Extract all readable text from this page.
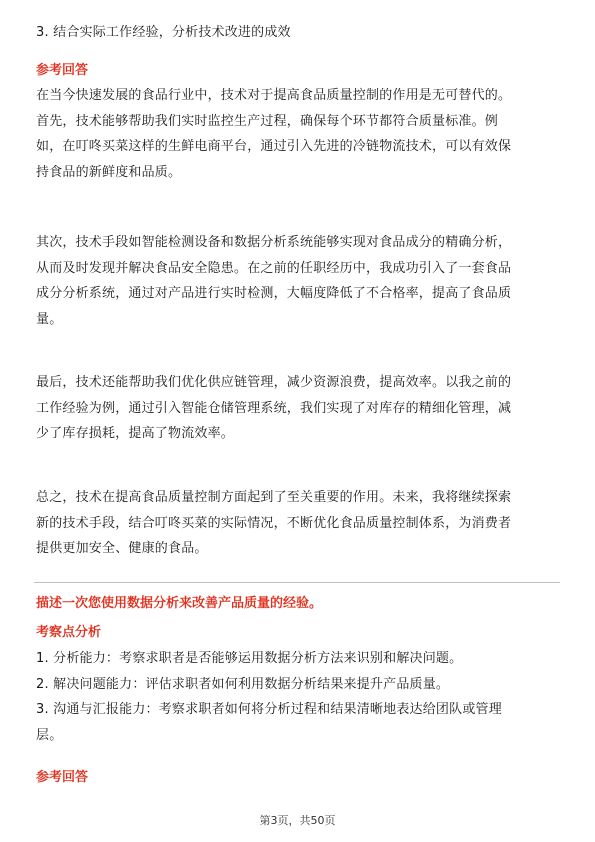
3. 结合实际工作经验，分析技术改进的成效
参考回答
在当今快速发展的食品行业中，技术对于提高食品质量控制的作用是无可替代的。
首先，技术能够帮助我们实时监控生产过程，确保每个环节都符合质量标准。例
如，在叮咚买菜这样的生鲜电商平台，通过引入先进的冷链物流技术，可以有效保
持食品的新鲜度和品质。
其次，技术手段如智能检测设备和数据分析系统能够实现对食品成分的精确分析，
从而及时发现并解决食品安全隐患。在之前的任职经历中，我成功引入了一套食品
成分分析系统，通过对产品进行实时检测，大幅度降低了不合格率，提高了食品质
量。
最后，技术还能帮助我们优化供应链管理，减少资源浪费，提高效率。以我之前的
工作经验为例，通过引入智能仓储管理系统，我们实现了对库存的精细化管理，减
少了库存损耗，提高了物流效率。
总之，技术在提高食品质量控制方面起到了至关重要的作用。未来，我将继续探索
新的技术手段，结合叮咚买菜的实际情况，不断优化食品质量控制体系，为消费者
提供更加安全、健康的食品。
描述一次您使用数据分析来改善产品质量的经验。
考察点分析
1. 分析能力：考察求职者是否能够运用数据分析方法来识别和解决问题。
2. 解决问题能力：评估求职者如何利用数据分析结果来提升产品质量。
3. 沟通与汇报能力：考察求职者如何将分析过程和结果清晰地表达给团队或管理
层。
参考回答
第3页，共50页
